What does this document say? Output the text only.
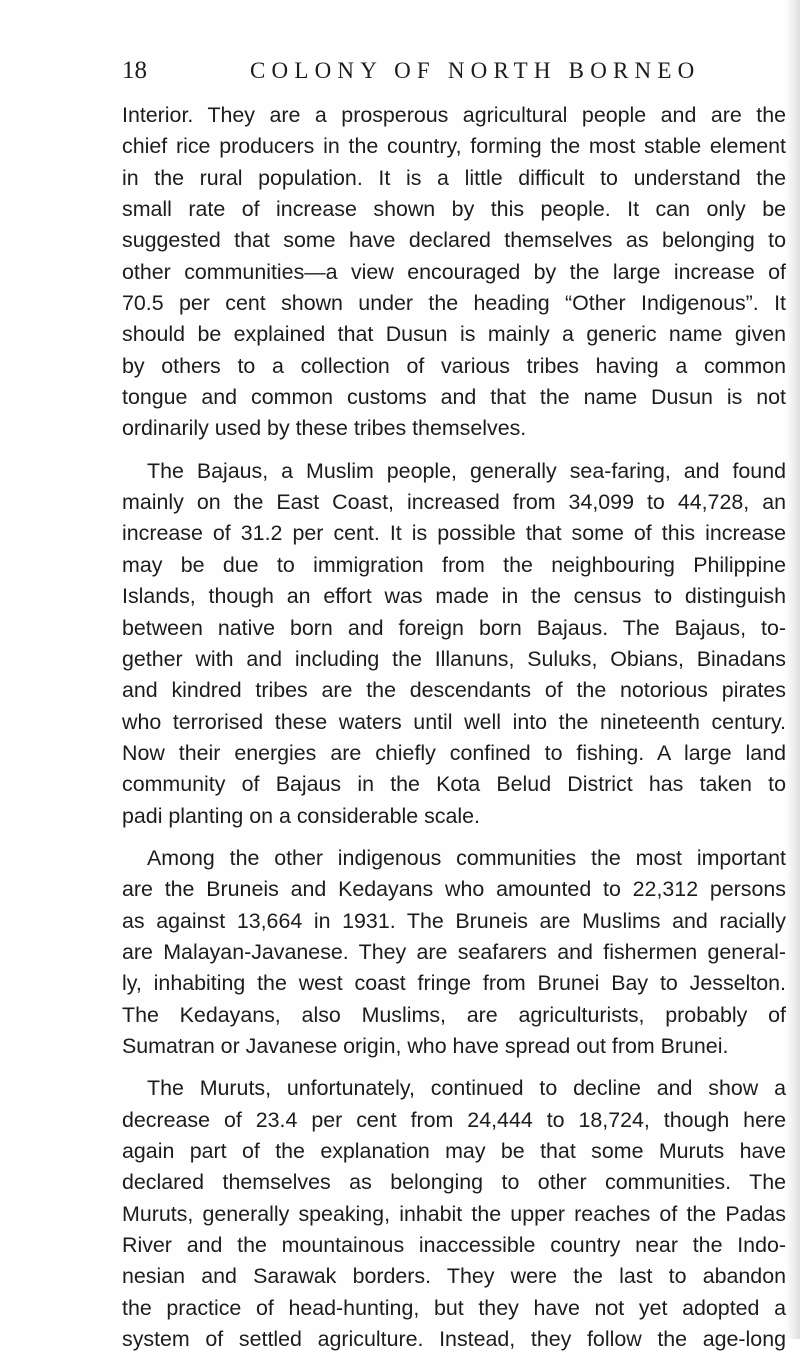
18	COLONY OF NORTH BORNEO
Interior. They are a prosperous agricultural people and are the
chief rice producers in the country, forming the most stable element
in the rural population. It is a little difficult to understand the
small rate of increase shown by this people. It can only be
suggested that some have declared themselves as belonging to
other communities—a view encouraged by the large increase of
70.5 per cent shown under the heading “Other Indigenous”. It
should be explained that Dusun is mainly a generic name given
by others to a collection of various tribes having a common
tongue and common customs and that the name Dusun is not
ordinarily used by these tribes themselves.
The Bajaus, a Muslim people, generally sea-faring, and found
mainly on the East Coast, increased from 34,099 to 44,728, an
increase of 31.2 per cent. It is possible that some of this increase
may be due to immigration from the neighbouring Philippine
Islands, though an effort was made in the census to distinguish
between native born and foreign born Bajaus. The Bajaus, to-
gether with and including the Illanuns, Suluks, Obians, Binadans
and kindred tribes are the descendants of the notorious pirates
who terrorised these waters until well into the nineteenth century.
Now their energies are chiefly confined to fishing. A large land
community of Bajaus in the Kota Belud District has taken to
padi planting on a considerable scale.
Among the other indigenous communities the most important
are the Bruneis and Kedayans who amounted to 22,312 persons
as against 13,664 in 1931. The Bruneis are Muslims and racially
are Malayan-Javanese. They are seafarers and fishermen general-
ly, inhabiting the west coast fringe from Brunei Bay to Jesselton.
The Kedayans, also Muslims, are agriculturists, probably of
Sumatran or Javanese origin, who have spread out from Brunei.
The Muruts, unfortunately, continued to decline and show a
decrease of 23.4 per cent from 24,444 to 18,724, though here
again part of the explanation may be that some Muruts have
declared themselves as belonging to other communities. The
Muruts, generally speaking, inhabit the upper reaches of the Padas
River and the mountainous inaccessible country near the Indo-
nesian and Sarawak borders. They were the last to abandon
the practice of head-hunting, but they have not yet adopted a
system of settled agriculture. Instead, they follow the age-long
